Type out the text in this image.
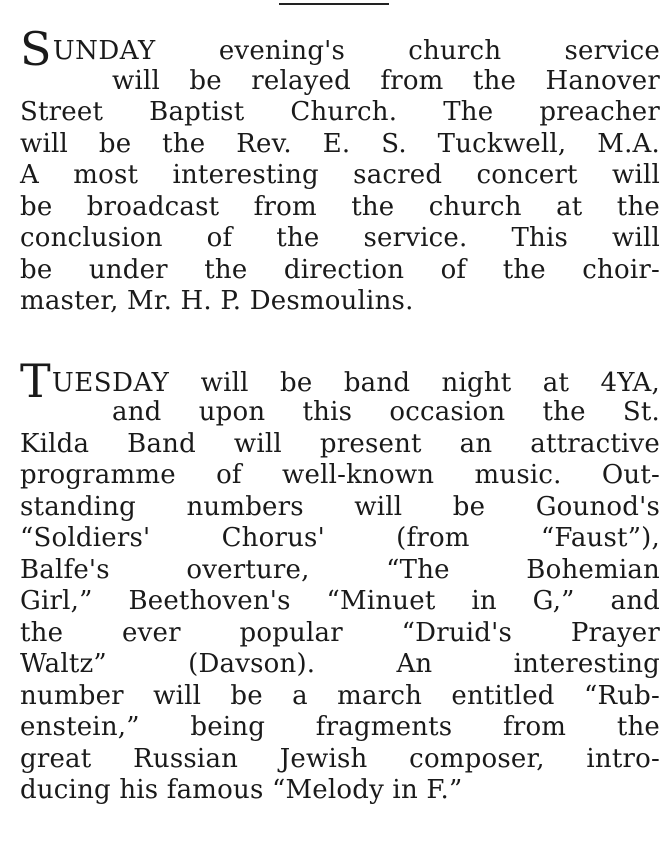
SUNDAY evening's church service
will be relayed from the Hanover
Street Baptist Church. The preacher
will be the Rev. E. S. Tuckwell, M.A.
A most interesting sacred concert will
be broadcast from the church at the
conclusion of the service. This will
be under the direction of the choir-
master, Mr. H. P. Desmoulins.

TUESDAY will be band night at 4YA,
and upon this occasion the St.
Kilda Band will present an attractive
programme of well-known music. Out-
standing numbers will be Gounod's
“Soldiers' Chorus' (from “Faust”),
Balfe's overture, “The Bohemian
Girl,” Beethoven's “Minuet in G,” and
the ever popular “Druid's Prayer
Waltz” (Davson). An interesting
number will be a march entitled “Rub-
enstein,” being fragments from the
great Russian Jewish composer, intro-
ducing his famous “Melody in F.”
